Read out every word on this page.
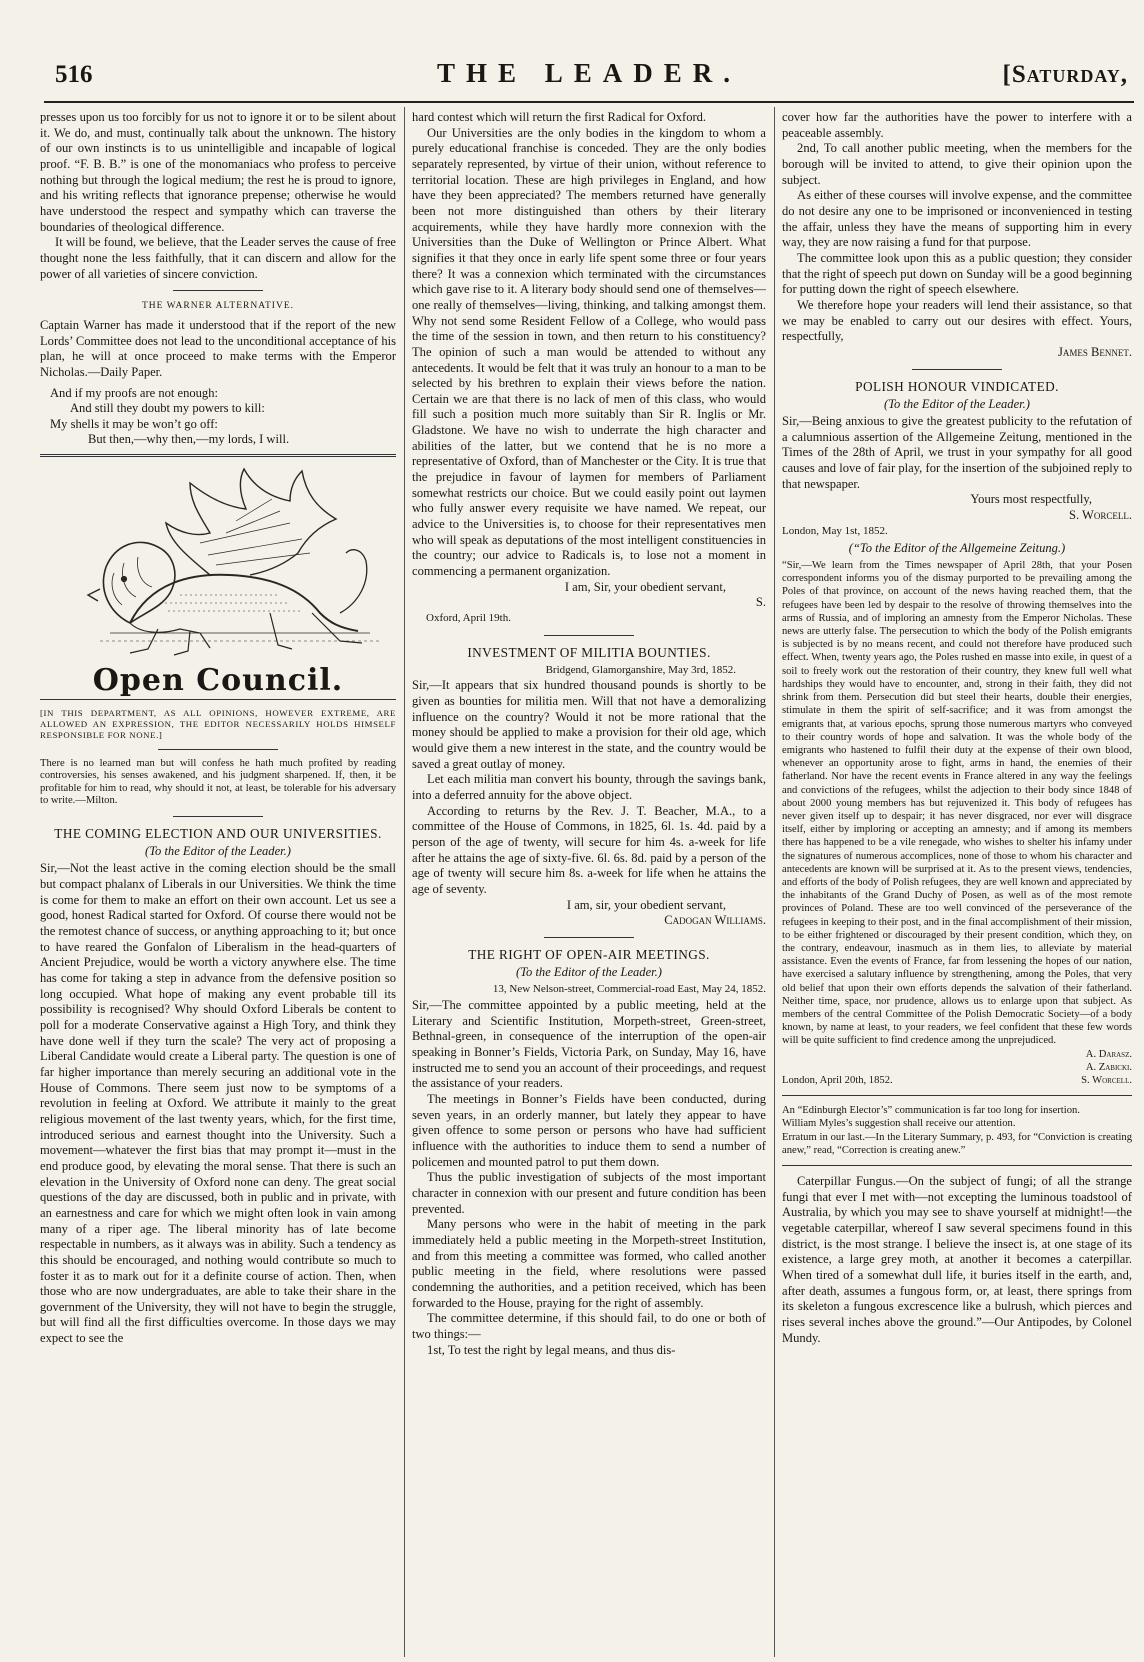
516	THE LEADER.	[Saturday,

presses upon us too forcibly for us not to ignore it or to be silent about it. We do, and must, continually talk about the unknown. The history of our own instincts is to us unintelligible and incapable of logical proof. “F. B. B.” is one of the monomaniacs who profess to perceive nothing but through the logical medium; the rest he is proud to ignore, and his writing reflects that ignorance prepense; otherwise he would have understood the respect and sympathy which can traverse the boundaries of theological difference.

It will be found, we believe, that the Leader serves the cause of free thought none the less faithfully, that it can discern and allow for the power of all varieties of sincere conviction.

THE WARNER ALTERNATIVE.

Captain Warner has made it understood that if the report of the new Lords’ Committee does not lead to the unconditional acceptance of his plan, he will at once proceed to make terms with the Emperor Nicholas.—Daily Paper.

And if my proofs are not enough:
And still they doubt my powers to kill:
My shells it may be won’t go off:
But then,—why then,—my lords, I will.
Open Council.

[IN THIS DEPARTMENT, AS ALL OPINIONS, HOWEVER EXTREME, ARE ALLOWED AN EXPRESSION, THE EDITOR NECESSARILY HOLDS HIMSELF RESPONSIBLE FOR NONE.]

There is no learned man but will confess he hath much profited by reading controversies, his senses awakened, and his judgment sharpened. If, then, it be profitable for him to read, why should it not, at least, be tolerable for his adversary to write.—Milton.

THE COMING ELECTION AND OUR UNIVERSITIES.
(To the Editor of the Leader.)

Sir,—Not the least active in the coming election should be the small but compact phalanx of Liberals in our Universities. We think the time is come for them to make an effort on their own account. Let us see a good, honest Radical started for Oxford. Of course there would not be the remotest chance of success, or anything approaching to it; but once to have reared the Gonfalon of Liberalism in the head-quarters of Ancient Prejudice, would be worth a victory anywhere else. The time has come for taking a step in advance from the defensive position so long occupied. What hope of making any event probable till its possibility is recognised? Why should Oxford Liberals be content to poll for a moderate Conservative against a High Tory, and think they have done well if they turn the scale? The very act of proposing a Liberal Candidate would create a Liberal party. The question is one of far higher importance than merely securing an additional vote in the House of Commons. There seem just now to be symptoms of a revolution in feeling at Oxford. We attribute it mainly to the great religious movement of the last twenty years, which, for the first time, introduced serious and earnest thought into the University. Such a movement—whatever the first bias that may prompt it—must in the end produce good, by elevating the moral sense. That there is such an elevation in the University of Oxford none can deny. The great social questions of the day are discussed, both in public and in private, with an earnestness and care for which we might often look in vain among many of a riper age. The liberal minority has of late become respectable in numbers, as it always was in ability. Such a tendency as this should be encouraged, and nothing would contribute so much to foster it as to mark out for it a definite course of action. Then, when those who are now undergraduates, are able to take their share in the government of the University, they will not have to begin the struggle, but will find all the first difficulties overcome. In those days we may expect to see the

hard contest which will return the first Radical for Oxford.

Our Universities are the only bodies in the kingdom to whom a purely educational franchise is conceded. They are the only bodies separately represented, by virtue of their union, without reference to territorial location. These are high privileges in England, and how have they been appreciated? The members returned have generally been not more distinguished than others by their literary acquirements, while they have hardly more connexion with the Universities than the Duke of Wellington or Prince Albert. What signifies it that they once in early life spent some three or four years there? It was a connexion which terminated with the circumstances which gave rise to it. A literary body should send one of themselves—one really of themselves—living, thinking, and talking amongst them. Why not send some Resident Fellow of a College, who would pass the time of the session in town, and then return to his constituency? The opinion of such a man would be attended to without any antecedents. It would be felt that it was truly an honour to a man to be selected by his brethren to explain their views before the nation. Certain we are that there is no lack of men of this class, who would fill such a position much more suitably than Sir R. Inglis or Mr. Gladstone. We have no wish to underrate the high character and abilities of the latter, but we contend that he is no more a representative of Oxford, than of Manchester or the City. It is true that the prejudice in favour of laymen for members of Parliament somewhat restricts our choice. But we could easily point out laymen who fully answer every requisite we have named. We repeat, our advice to the Universities is, to choose for their representatives men who will speak as deputations of the most intelligent constituencies in the country; our advice to Radicals is, to lose not a moment in commencing a permanent organization.

I am, Sir, your obedient servant,

S.

Oxford, April 19th.

INVESTMENT OF MILITIA BOUNTIES.

Bridgend, Glamorganshire, May 3rd, 1852.

Sir,—It appears that six hundred thousand pounds is shortly to be given as bounties for militia men. Will that not have a demoralizing influence on the country? Would it not be more rational that the money should be applied to make a provision for their old age, which would give them a new interest in the state, and the country would be saved a great outlay of money.

Let each militia man convert his bounty, through the savings bank, into a deferred annuity for the above object.

According to returns by the Rev. J. T. Beacher, M.A., to a committee of the House of Commons, in 1825, 6l. 1s. 4d. paid by a person of the age of twenty, will secure for him 4s. a-week for life after he attains the age of sixty-five. 6l. 6s. 8d. paid by a person of the age of twenty will secure him 8s. a-week for life when he attains the age of seventy.

I am, sir, your obedient servant,

Cadogan Williams.

THE RIGHT OF OPEN-AIR MEETINGS.
(To the Editor of the Leader.)

13, New Nelson-street, Commercial-road East, May 24, 1852.

Sir,—The committee appointed by a public meeting, held at the Literary and Scientific Institution, Morpeth-street, Green-street, Bethnal-green, in consequence of the interruption of the open-air speaking in Bonner’s Fields, Victoria Park, on Sunday, May 16, have instructed me to send you an account of their proceedings, and request the assistance of your readers.

The meetings in Bonner’s Fields have been conducted, during seven years, in an orderly manner, but lately they appear to have given offence to some person or persons who have had sufficient influence with the authorities to induce them to send a number of policemen and mounted patrol to put them down.

Thus the public investigation of subjects of the most important character in connexion with our present and future condition has been prevented.

Many persons who were in the habit of meeting in the park immediately held a public meeting in the Morpeth-street Institution, and from this meeting a committee was formed, who called another public meeting in the field, where resolutions were passed condemning the authorities, and a petition received, which has been forwarded to the House, praying for the right of assembly.

The committee determine, if this should fail, to do one or both of two things:—

1st, To test the right by legal means, and thus dis-

cover how far the authorities have the power to interfere with a peaceable assembly.

2nd, To call another public meeting, when the members for the borough will be invited to attend, to give their opinion upon the subject.

As either of these courses will involve expense, and the committee do not desire any one to be imprisoned or inconvenienced in testing the affair, unless they have the means of supporting him in every way, they are now raising a fund for that purpose.

The committee look upon this as a public question; they consider that the right of speech put down on Sunday will be a good beginning for putting down the right of speech elsewhere.

We therefore hope your readers will lend their assistance, so that we may be enabled to carry out our desires with effect. Yours, respectfully,

James Bennet.

POLISH HONOUR VINDICATED.
(To the Editor of the Leader.)

Sir,—Being anxious to give the greatest publicity to the refutation of a calumnious assertion of the Allgemeine Zeitung, mentioned in the Times of the 28th of April, we trust in your sympathy for all good causes and love of fair play, for the insertion of the subjoined reply to that newspaper.

Yours most respectfully,

S. Worcell.

London, May 1st, 1852.

(“To the Editor of the Allgemeine Zeitung.)

“Sir,—We learn from the Times newspaper of April 28th, that your Posen correspondent informs you of the dismay purported to be prevailing among the Poles of that province, on account of the news having reached them, that the refugees have been led by despair to the resolve of throwing themselves into the arms of Russia, and of imploring an amnesty from the Emperor Nicholas. These news are utterly false. The persecution to which the body of the Polish emigrants is subjected is by no means recent, and could not therefore have produced such effect. When, twenty years ago, the Poles rushed en masse into exile, in quest of a soil to freely work out the restoration of their country, they knew full well what hardships they would have to encounter, and, strong in their faith, they did not shrink from them. Persecution did but steel their hearts, double their energies, stimulate in them the spirit of self-sacrifice; and it was from amongst the emigrants that, at various epochs, sprung those numerous martyrs who conveyed to their country words of hope and salvation. It was the whole body of the emigrants who hastened to fulfil their duty at the expense of their own blood, whenever an opportunity arose to fight, arms in hand, the enemies of their fatherland. Nor have the recent events in France altered in any way the feelings and convictions of the refugees, whilst the adjection to their body since 1848 of about 2000 young members has but rejuvenized it. This body of refugees has never given itself up to despair; it has never disgraced, nor ever will disgrace itself, either by imploring or accepting an amnesty; and if among its members there has happened to be a vile renegade, who wishes to shelter his infamy under the signatures of numerous accomplices, none of those to whom his character and antecedents are known will be surprised at it. As to the present views, tendencies, and efforts of the body of Polish refugees, they are well known and appreciated by the inhabitants of the Grand Duchy of Posen, as well as of the most remote provinces of Poland. These are too well convinced of the perseverance of the refugees in keeping to their post, and in the final accomplishment of their mission, to be either frightened or discouraged by their present condition, which they, on the contrary, endeavour, inasmuch as in them lies, to alleviate by material assistance. Even the events of France, far from lessening the hopes of our nation, have exercised a salutary influence by strengthening, among the Poles, that very old belief that upon their own efforts depends the salvation of their fatherland. Neither time, space, nor prudence, allows us to enlarge upon that subject. As members of the central Committee of the Polish Democratic Society—of a body known, by name at least, to your readers, we feel confident that these few words will be quite sufficient to find credence among the unprejudiced.

A. Darasz.

A. Zabicki.

London, April 20th, 1852.	S. Worcell.

An “Edinburgh Elector’s” communication is far too long for insertion.

William Myles’s suggestion shall receive our attention.

Erratum in our last.—In the Literary Summary, p. 493, for “Conviction is creating anew,” read, “Correction is creating anew.”

Caterpillar Fungus.—On the subject of fungi; of all the strange fungi that ever I met with—not excepting the luminous toadstool of Australia, by which you may see to shave yourself at midnight!—the vegetable caterpillar, whereof I saw several specimens found in this district, is the most strange. I believe the insect is, at one stage of its existence, a large grey moth, at another it becomes a caterpillar. When tired of a somewhat dull life, it buries itself in the earth, and, after death, assumes a fungous form, or, at least, there springs from its skeleton a fungous excrescence like a bulrush, which pierces and rises several inches above the ground.”—Our Antipodes, by Colonel Mundy.
